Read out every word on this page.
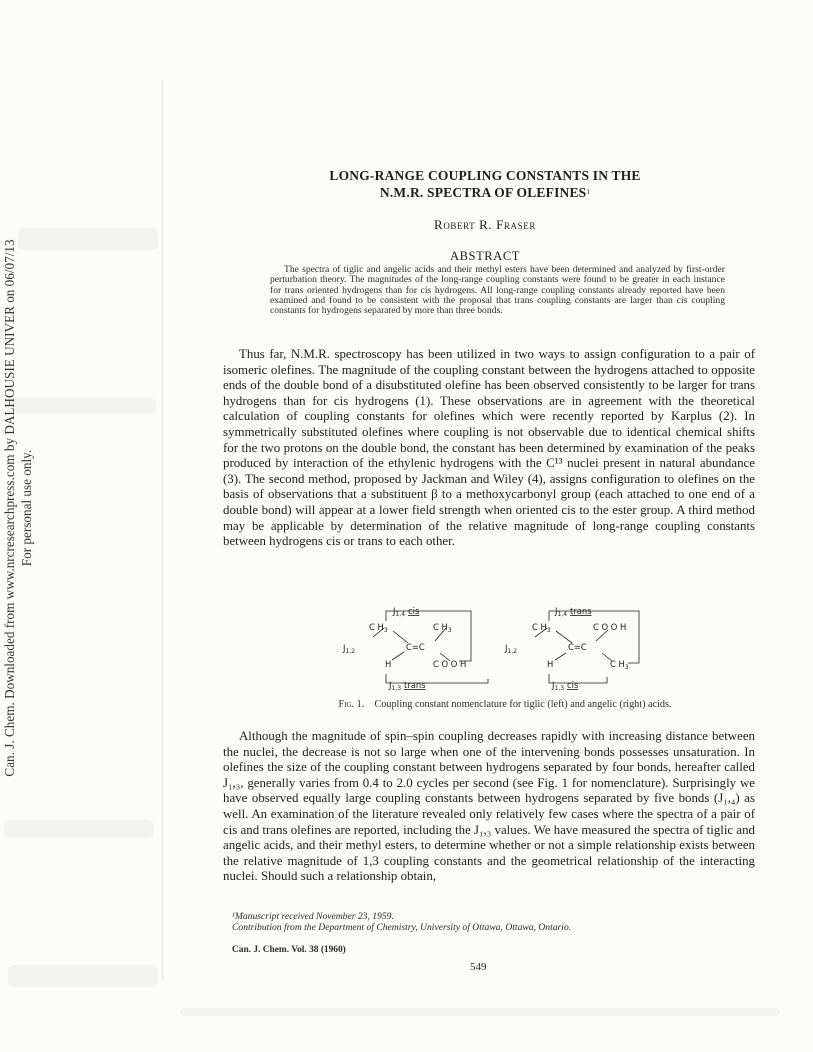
Can. J. Chem. Downloaded from www.nrcresearchpress.com by DALHOUSIE UNIVER on 06/07/13 For personal use only.
LONG-RANGE COUPLING CONSTANTS IN THE
N.M.R. SPECTRA OF OLEFINES$^1$
Robert R. Fraser
ABSTRACT
The spectra of tiglic and angelic acids and their methyl esters have been determined and analyzed by first-order perturbation theory. The magnitudes of the long-range coupling constants were found to be greater in each instance for trans oriented hydrogens than for cis hydrogens. All long-range coupling constants already reported have been examined and found to be consistent with the proposal that trans coupling constants are larger than cis coupling constants for hydrogens separated by more than three bonds.
Thus far, N.M.R. spectroscopy has been utilized in two ways to assign configuration to a pair of isomeric olefines. The magnitude of the coupling constant between the hydrogens attached to opposite ends of the double bond of a disubstituted olefine has been observed consistently to be larger for trans hydrogens than for cis hydrogens (1). These observations are in agreement with the theoretical calculation of coupling constants for olefines which were recently reported by Karplus (2). In symmetrically substituted olefines where coupling is not observable due to identical chemical shifts for the two protons on the double bond, the constant has been determined by examination of the peaks produced by interaction of the ethylenic hydrogens with the C¹³ nuclei present in natural abundance (3). The second method, proposed by Jackman and Wiley (4), assigns configuration to olefines on the basis of observations that a substituent β to a methoxycarbonyl group (each attached to one end of a double bond) will appear at a lower field strength when oriented cis to the ester group. A third method may be applicable by determination of the relative magnitude of long-range coupling constants between hydrogens cis or trans to each other.
$J_{1,4}$ cis
C $H_3$	C $H_3$
C=C
$J_{1,2}$
H	C O O H
$J_{1,3}$ trans
$J_{1,4}$ trans
C $H_3$	C O O H
C=C
$J_{1,2}$
H	C $H_3$
$J_{1,3}$ cis
Fig. 1. Coupling constant nomenclature for tiglic (left) and angelic (right) acids.
Although the magnitude of spin–spin coupling decreases rapidly with increasing distance between the nuclei, the decrease is not so large when one of the intervening bonds possesses unsaturation. In olefines the size of the coupling constant between hydrogens separated by four bonds, hereafter called J₁,₃, generally varies from 0.4 to 2.0 cycles per second (see Fig. 1 for nomenclature). Surprisingly we have observed equally large coupling constants between hydrogens separated by five bonds (J₁,₄) as well. An examination of the literature revealed only relatively few cases where the spectra of a pair of cis and trans olefines are reported, including the J₁,₃ values. We have measured the spectra of tiglic and angelic acids, and their methyl esters, to determine whether or not a simple relationship exists between the relative magnitude of 1,3 coupling constants and the geometrical relationship of the interacting nuclei. Should such a relationship obtain,
¹Manuscript received November 23, 1959.
Contribution from the Department of Chemistry, University of Ottawa, Ottawa, Ontario.
Can. J. Chem. Vol. 38 (1960)
549
